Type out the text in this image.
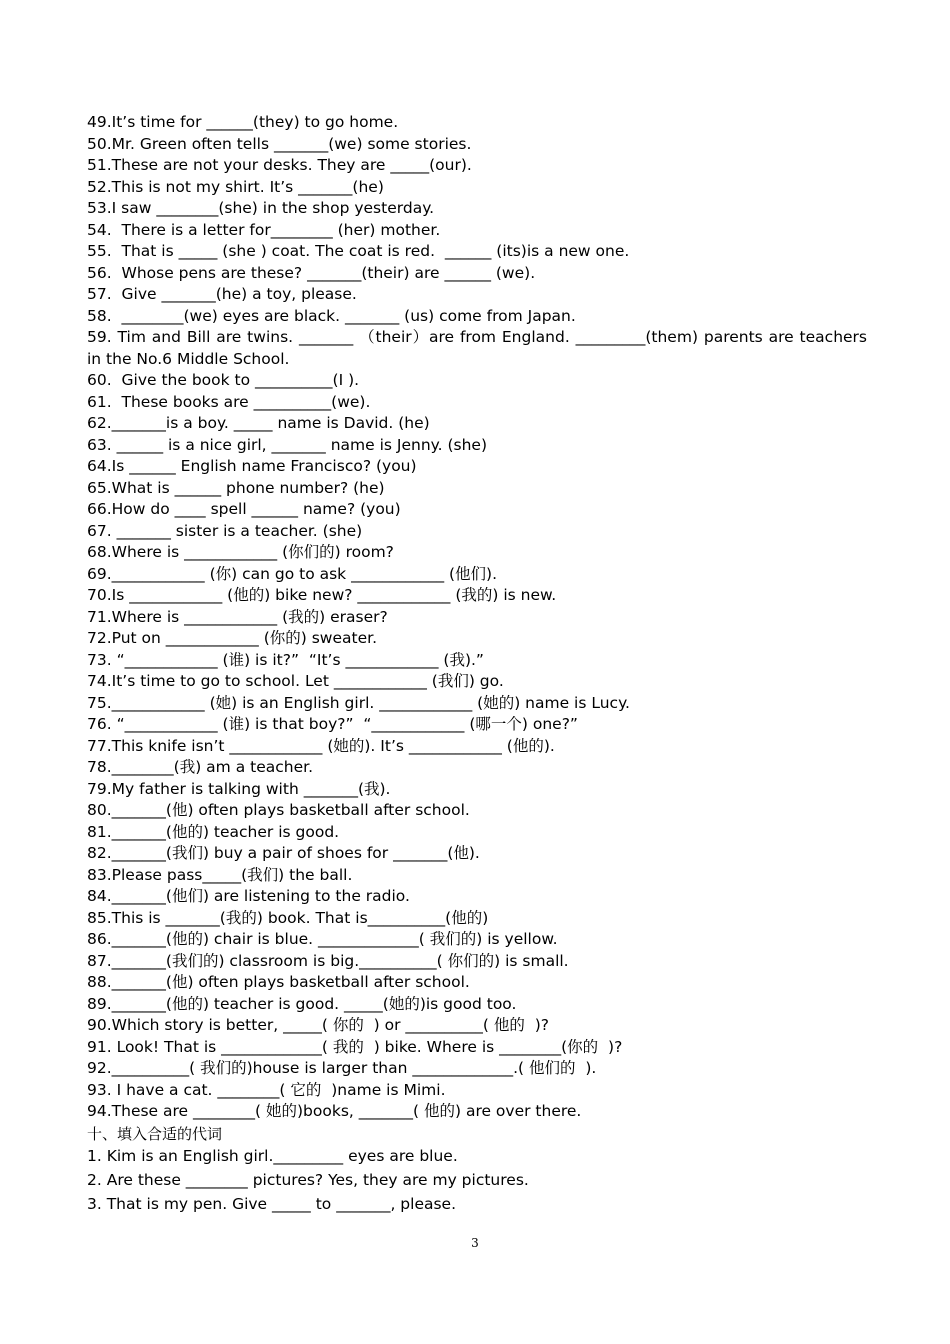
49.It’s time for ______(they) to go home.
50.Mr. Green often tells _______(we) some stories.
51.These are not your desks. They are _____(our).
52.This is not my shirt. It’s _______(he)
53.I saw ________(she) in the shop yesterday.
54.  There is a letter for________ (her) mother.
55.  That is _____ (she ) coat. The coat is red.  ______ (its)is a new one.
56.  Whose pens are these? _______(their) are ______ (we).
57.  Give _______(he) a toy, please.
58.  ________(we) eyes are black. _______ (us) come from Japan.
59. Tim and Bill are twins. _______ （their）are from England. _________(them) parents are teachers in the No.6 Middle School.
60.  Give the book to __________(I ).
61.  These books are __________(we).
62._______is a boy. _____ name is David. (he)
63. ______ is a nice girl, _______ name is Jenny. (she)
64.Is ______ English name Francisco? (you)
65.What is ______ phone number? (he)
66.How do ____ spell ______ name? (you)
67. _______ sister is a teacher. (she)
68.Where is ____________ (你们的) room?
69.____________ (你) can go to ask ____________ (他们).
70.Is ____________ (他的) bike new? ____________ (我的) is new.
71.Where is ____________ (我的) eraser?
72.Put on ____________ (你的) sweater.
73. “____________ (谁) is it?”  “It’s ____________ (我).”
74.It’s time to go to school. Let ____________ (我们) go.
75.____________ (她) is an English girl. ____________ (她的) name is Lucy.
76. “____________ (谁) is that boy?”  “____________ (哪一个) one?”
77.This knife isn’t ____________ (她的). It’s ____________ (他的).
78.________(我) am a teacher.
79.My father is talking with _______(我).
80._______(他) often plays basketball after school.
81._______(他的) teacher is good.
82._______(我们) buy a pair of shoes for _______(他).
83.Please pass_____(我们) the ball.
84._______(他们) are listening to the radio.
85.This is _______(我的) book. That is__________(他的)
86._______(他的) chair is blue. _____________( 我们的) is yellow.
87._______(我们的) classroom is big.__________( 你们的) is small.
88._______(他) often plays basketball after school.
89._______(他的) teacher is good. _____(她的)is good too.
90.Which story is better, _____( 你的  ) or __________( 他的  )?
91. Look! That is _____________( 我的  ) bike. Where is ________(你的  )?
92.__________( 我们的)house is larger than _____________.( 他们的  ).
93. I have a cat. ________( 它的  )name is Mimi.
94.These are ________( 她的)books, _______( 他的) are over there.
十、填入合适的代词
1. Kim is an English girl._________ eyes are blue.
2. Are these ________ pictures? Yes, they are my pictures.
3. That is my pen. Give _____ to _______, please.
3
